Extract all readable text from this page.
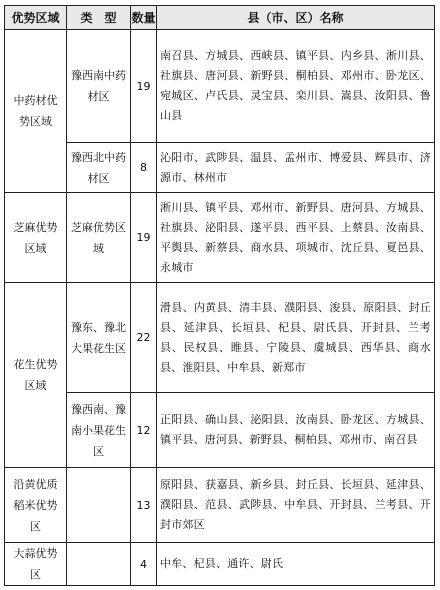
优势区域	类　型	数量	县（市、区）名称
中药材优势区域	豫西南中药材区	19	南召县、方城县、西峡县、镇平县、内乡县、淅川县、社旗县、唐河县、新野县、桐柏县、邓州市、卧龙区、宛城区、卢氏县、灵宝县、栾川县、嵩县、汝阳县、鲁山县
	豫西北中药材区	8	沁阳市、武陟县、温县、孟州市、博爱县、辉县市、济源市、林州市
芝麻优势区域	芝麻优势区域	19	淅川县、镇平县、邓州市、新野县、唐河县、方城县、社旗县、泌阳县、遂平县、西平县、上蔡县、汝南县、平舆县、新蔡县、商水县、项城市、沈丘县、夏邑县、永城市
花生优势区域	豫东、豫北大果花生区	22	滑县、内黄县、清丰县、濮阳县、浚县、原阳县、封丘县、延津县、长垣县、杞县、尉氏县、开封县、兰考县、民权县、睢县、宁陵县、虞城县、西华县、商水县、淮阳县、中牟县、新郑市
	豫西南、豫南小果花生区	12	正阳县、确山县、泌阳县、汝南县、卧龙区、方城县、镇平县、唐河县、新野县、桐柏县、邓州市、南召县
沿黄优质稻米优势区		13	原阳县、获嘉县、新乡县、封丘县、长垣县、延津县、濮阳县、范县、武陟县、中牟县、开封县、兰考县、开封市郊区
大蒜优势区		4	中牟、杞县、通许、尉氏
